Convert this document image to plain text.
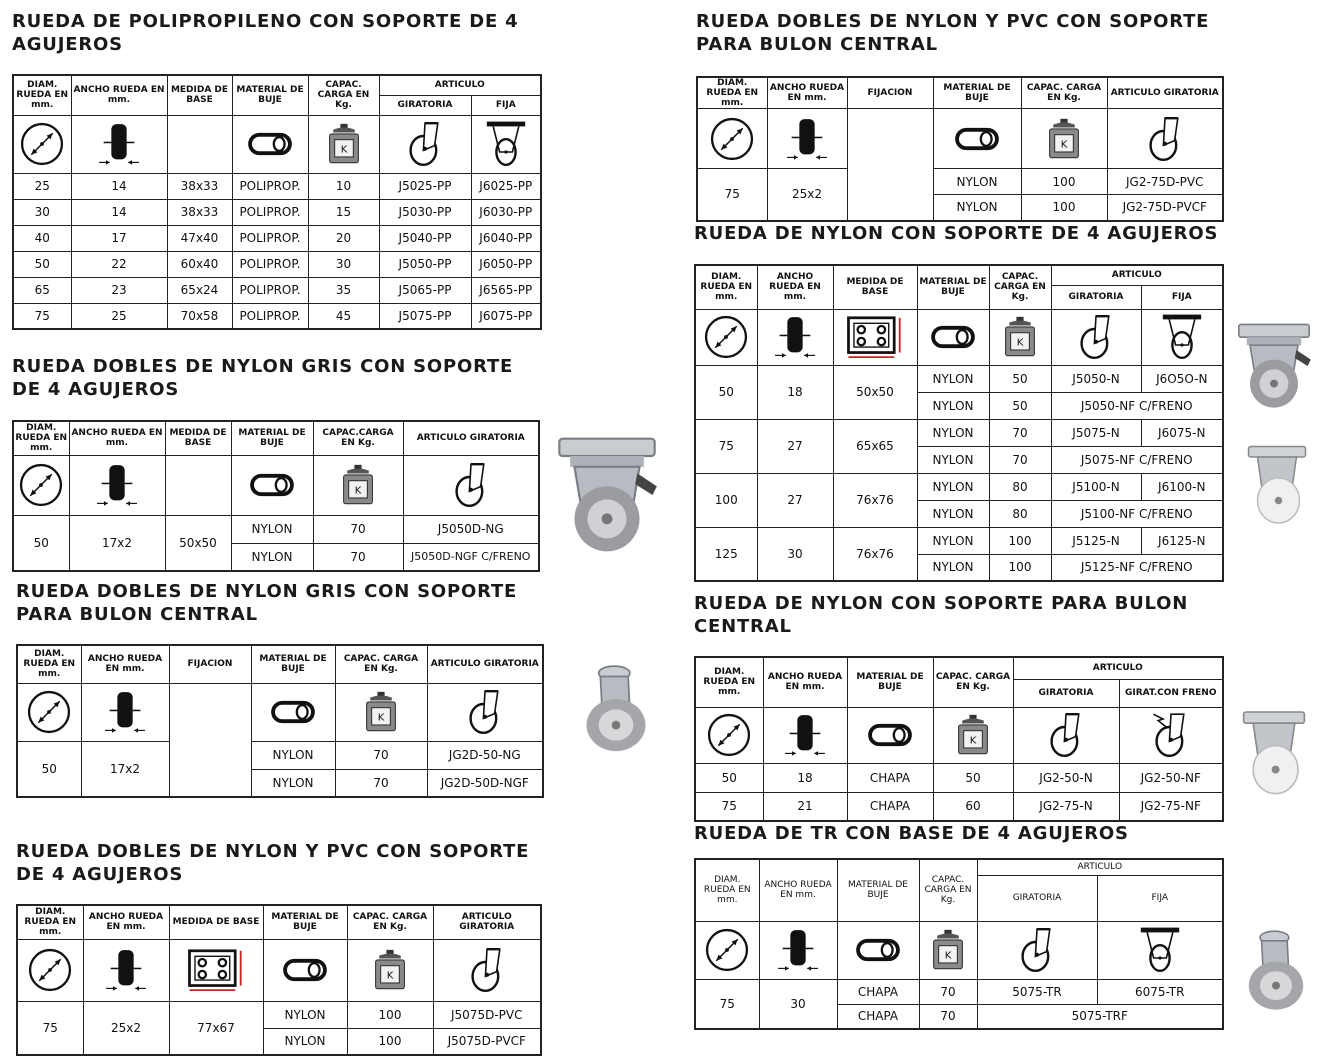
RUEDA DE POLIPROPILENO CON SOPORTE DE 4
AGUJEROS
DIAM. RUEDA EN mm.	ANCHO RUEDA EN mm.	MEDIDA DE BASE	MATERIAL DE BUJE	CAPAC. CARGA EN Kg.	ARTICULO	
					GIRATORIA	FIJA

25	14	38x33	POLIPROP.	10	J5025-PP	J6025-PP
30	14	38x33	POLIPROP.	15	J5030-PP	J6030-PP
40	17	47x40	POLIPROP.	20	J5040-PP	J6040-PP
50	22	60x40	POLIPROP.	30	J5050-PP	J6050-PP
65	23	65x24	POLIPROP.	35	J5065-PP	J6565-PP
75	25	70x58	POLIPROP.	45	J5075-PP	J6075-PP
RUEDA DOBLES DE NYLON GRIS CON SOPORTE
DE 4 AGUJEROS
DIAM. RUEDA EN mm.	ANCHO RUEDA EN mm.	MEDIDA DE BASE	MATERIAL DE BUJE	CAPAC.CARGA EN Kg.	ARTICULO GIRATORIA

50	17x2	50x50	NYLON	70	J5050D-NG
			NYLON	70	J5050D-NGF C/FRENO
RUEDA DOBLES DE NYLON GRIS CON SOPORTE
PARA BULON CENTRAL
DIAM. RUEDA EN mm.	ANCHO RUEDA EN mm.	FIJACION	MATERIAL DE BUJE	CAPAC. CARGA EN Kg.	ARTICULO GIRATORIA

50	17x2		NYLON	70	JG2D-50-NG
			NYLON	70	JG2D-50D-NGF
RUEDA DOBLES DE NYLON Y PVC CON SOPORTE
DE 4 AGUJEROS
DIAM. RUEDA EN mm.	ANCHO RUEDA EN mm.	MEDIDA DE BASE	MATERIAL DE BUJE	CAPAC. CARGA EN Kg.	ARTICULO GIRATORIA

75	25x2	77x67	NYLON	100	J5075D-PVC
			NYLON	100	J5075D-PVCF
RUEDA DOBLES DE NYLON Y PVC CON SOPORTE
PARA BULON CENTRAL
DIAM. RUEDA EN mm.	ANCHO RUEDA EN mm.	FIJACION	MATERIAL DE BUJE	CAPAC. CARGA EN Kg.	ARTICULO GIRATORIA

75	25x2		NYLON	100	JG2-75D-PVC
			NYLON	100	JG2-75D-PVCF
RUEDA DE NYLON CON SOPORTE DE 4 AGUJEROS
DIAM. RUEDA EN mm.	ANCHO RUEDA EN mm.	MEDIDA DE BASE	MATERIAL DE BUJE	CAPAC. CARGA EN Kg.	ARTICULO	
					GIRATORIA	FIJA

50	18	50x50	NYLON	50	J5050-N	J6O5O-N
			NYLON	50	J5050-NF C/FRENO	
75	27	65x65	NYLON	70	J5075-N	J6075-N
			NYLON	70	J5075-NF C/FRENO	
100	27	76x76	NYLON	80	J5100-N	J6100-N
			NYLON	80	J5100-NF C/FRENO	
125	30	76x76	NYLON	100	J5125-N	J6125-N
			NYLON	100	J5125-NF C/FRENO	
RUEDA DE NYLON CON SOPORTE PARA BULON
CENTRAL
DIAM. RUEDA EN mm.	ANCHO RUEDA EN mm.	MATERIAL DE BUJE	CAPAC. CARGA EN Kg.	ARTICULO	
				GIRATORIA	GIRAT.CON FRENO

50	18	CHAPA	50	JG2-50-N	JG2-50-NF
75	21	CHAPA	60	JG2-75-N	JG2-75-NF
RUEDA DE TR CON BASE DE 4 AGUJEROS
DIAM. RUEDA EN mm.	ANCHO RUEDA EN mm.	MATERIAL DE BUJE	CAPAC. CARGA EN Kg.	ARTICULO	
				GIRATORIA	FIJA

75	30	CHAPA	70	5075-TR	6075-TR
		CHAPA	70	5075-TRF	
